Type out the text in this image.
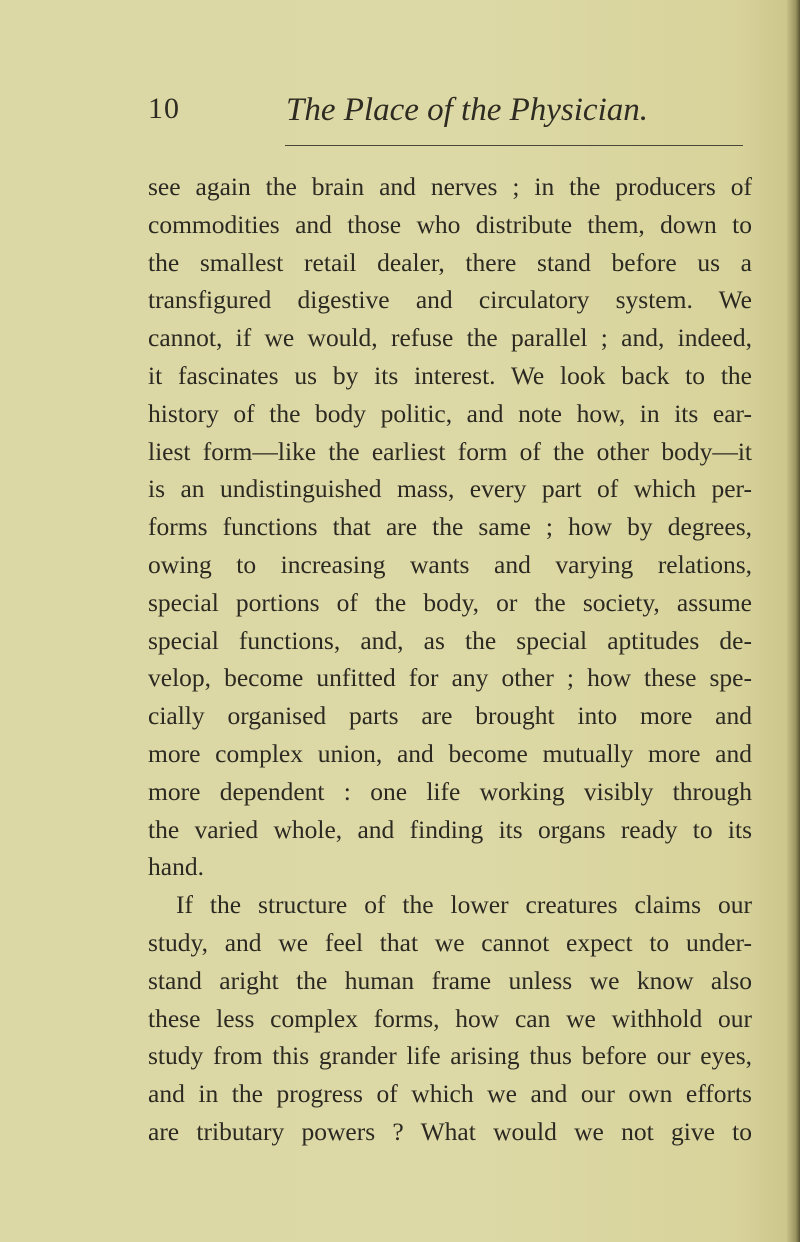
10	The Place of the Physician.
see again the brain and nerves ; in the producers of
commodities and those who distribute them, down to
the smallest retail dealer, there stand before us a
transfigured digestive and circulatory system. We
cannot, if we would, refuse the parallel ; and, indeed,
it fascinates us by its interest. We look back to the
history of the body politic, and note how, in its ear-
liest form—like the earliest form of the other body—it
is an undistinguished mass, every part of which per-
forms functions that are the same ; how by degrees,
owing to increasing wants and varying relations,
special portions of the body, or the society, assume
special functions, and, as the special aptitudes de-
velop, become unfitted for any other ; how these spe-
cially organised parts are brought into more and
more complex union, and become mutually more and
more dependent : one life working visibly through
the varied whole, and finding its organs ready to its
hand.
If the structure of the lower creatures claims our
study, and we feel that we cannot expect to under-
stand aright the human frame unless we know also
these less complex forms, how can we withhold our
study from this grander life arising thus before our eyes,
and in the progress of which we and our own efforts
are tributary powers ? What would we not give to
